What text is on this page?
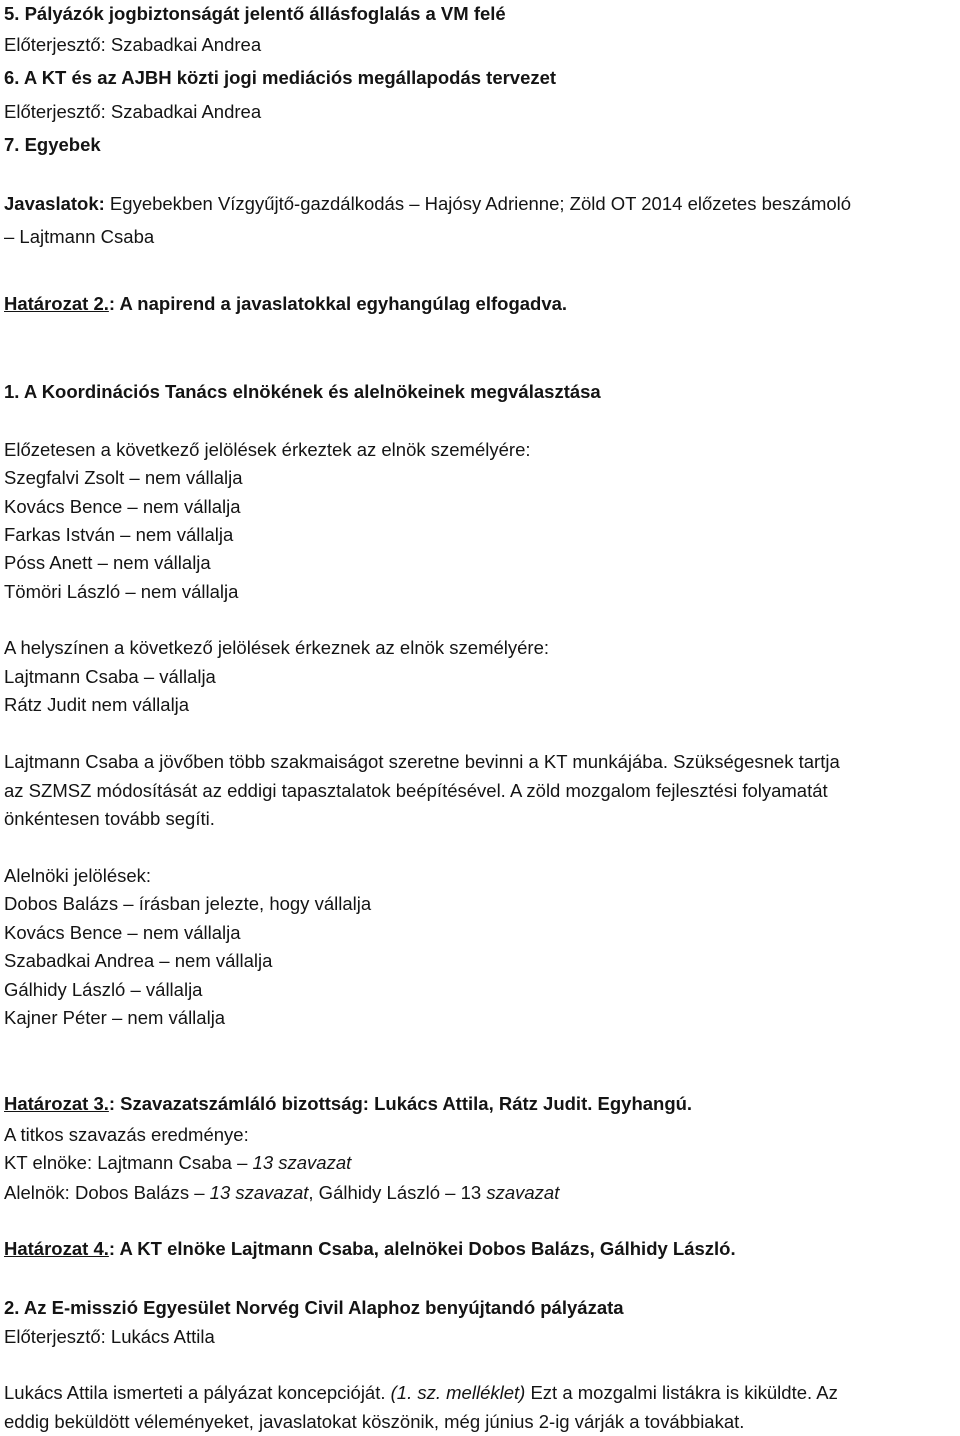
5. Pályázók jogbiztonságát jelentő állásfoglalás a VM felé
Előterjesztő: Szabadkai Andrea
6. A KT és az AJBH közti jogi mediációs megállapodás tervezet
Előterjesztő: Szabadkai Andrea
7. Egyebek
Javaslatok: Egyebekben Vízgyűjtő-gazdálkodás – Hajósy Adrienne; Zöld OT 2014 előzetes beszámoló
– Lajtmann Csaba
Határozat 2.: A napirend a javaslatokkal egyhangúlag elfogadva.
1. A Koordinációs Tanács elnökének és alelnökeinek megválasztása
Előzetesen a következő jelölések érkeztek az elnök személyére:
Szegfalvi Zsolt – nem vállalja
Kovács Bence – nem vállalja
Farkas István – nem vállalja
Póss Anett – nem vállalja
Tömöri László – nem vállalja
A helyszínen a következő jelölések érkeznek az elnök személyére:
Lajtmann Csaba – vállalja
Rátz Judit nem vállalja
Lajtmann Csaba a jövőben több szakmaiságot szeretne bevinni a KT munkájába. Szükségesnek tartja
az SZMSZ módosítását az eddigi tapasztalatok beépítésével. A zöld mozgalom fejlesztési folyamatát
önkéntesen tovább segíti.
Alelnöki jelölések:
Dobos Balázs – írásban jelezte, hogy vállalja
Kovács Bence – nem vállalja
Szabadkai Andrea – nem vállalja
Gálhidy László – vállalja
Kajner Péter – nem vállalja
Határozat 3.: Szavazatszámláló bizottság: Lukács Attila, Rátz Judit. Egyhangú.
A titkos szavazás eredménye:
KT elnöke: Lajtmann Csaba – 13 szavazat
Alelnök: Dobos Balázs – 13 szavazat, Gálhidy László – 13 szavazat
Határozat 4.: A KT elnöke Lajtmann Csaba, alelnökei Dobos Balázs, Gálhidy László.
2. Az E-misszió Egyesület Norvég Civil Alaphoz benyújtandó pályázata
Előterjesztő: Lukács Attila
Lukács Attila ismerteti a pályázat koncepcióját. (1. sz. melléklet) Ezt a mozgalmi listákra is kiküldte. Az
eddig beküldött véleményeket, javaslatokat köszönik, még június 2-ig várják a továbbiakat.
